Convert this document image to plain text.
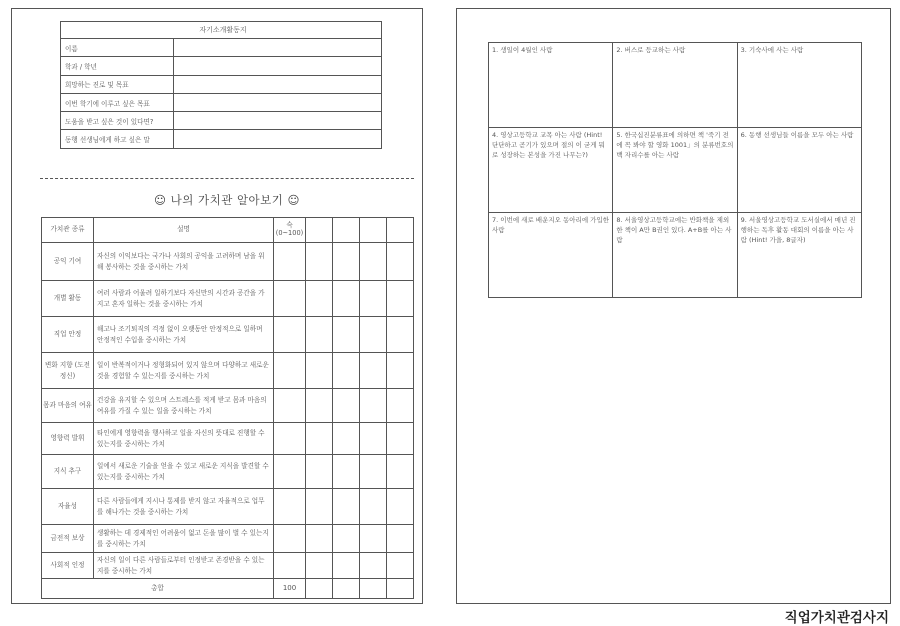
자기소개활동지	
이름	
학과 / 학년	
희망하는 진로 및 목표	
이번 학기에 이루고 싶은 목표	
도움을 받고 싶은 것이 있다면?	
동행 선생님에게 하고 싶은 말	
☺ 나의 가치관 알아보기 ☺
가치관 종류	설명	슥
(0~100)				
공익 기여	자신의 이익보다는 국가나 사회의 공익을 고려하며 남을 위해 봉사하는 것을 중시하는 가치					
개별 활동	여러 사람과 어울려 일하기보다 자신만의 시간과 공간을 가지고 혼자 일하는 것을 중시하는 가치					
직업 안정	해고나 조기퇴직의 걱정 없이 오랫동안 안정적으로 일하며 안정적인 수입을 중시하는 가치					
변화 지향 (도전 정신)	일이 반복적이거나 정형화되어 있지 않으며 다양하고 새로운 것을 경험할 수 있는지를 중시하는 가치					
몸과 마음의 여유	건강을 유지할 수 있으며 스트레스를 적게 받고 몸과 마음의 여유를 가질 수 있는 일을 중시하는 가치					
영향력 발휘	타인에게 영향력을 행사하고 일을 자신의 뜻대로 진행할 수 있는지를 중시하는 가치					
지식 추구	일에서 새로운 기술을 얻을 수 있고 새로운 지식을 발견할 수 있는지를 중시하는 가치					
자율성	다른 사람들에게 지시나 통제를 받지 않고 자율적으로 업무를 해나가는 것을 중시하는 가치					
금전적 보상	생활하는 데 경제적인 어려움이 없고 돈을 많이 벌 수 있는지를 중시하는 가치					
사회적 인정	자신의 일이 다른 사람들로부터 인정받고 존경받을 수 있는지를 중시하는 가치					
총합		100				
1. 생일이 4월인 사람	2. 버스로 등교하는 사람	3. 기숙사에 사는 사람
4. 영상고등학교 교목 아는 사람 (Hint! 단단하고 곧기가 있으며 절의 이 굳게 뭐로 성장하는 본성을 가진 나무는?)	5. 한국십진분류표에 의하면 책 '죽기 전에 꼭 봐야 할 영화 1001」의 분류번호의 백 자리수를 아는 사람	6. 동행 선생님들 이름을 모두 아는 사람
7. 이번에 새로 배운지오 동아리에 가입한 사람	8. 서울영상고등학교에는 반화책을 제외한 책이 A만 B권인 있다. A+B를 아는 사람	9. 서울영상고등학교 도서실에서 매년 진행하는 독후 활동 대회의 이름을 아는 사람 (Hint! 가을, 8글자)
직업가치관검사지
